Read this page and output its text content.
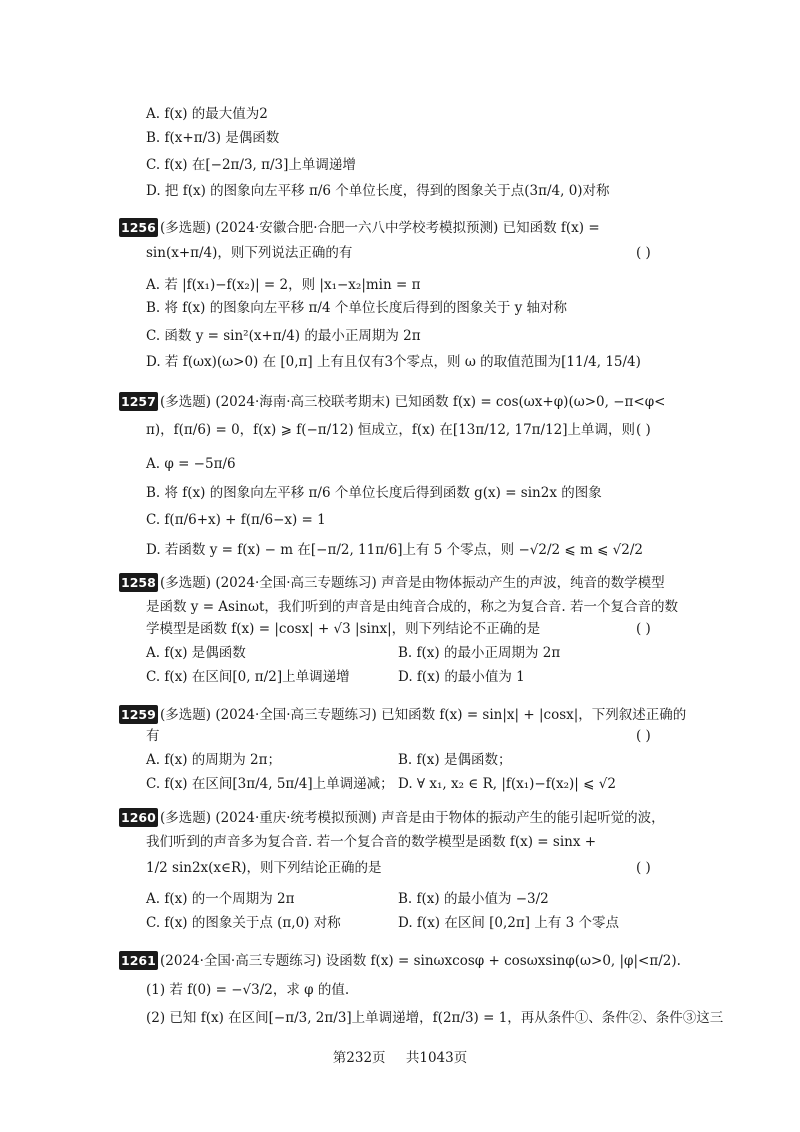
A. f(x) 的最大值为2
B. f(x+π/3) 是偶函数
C. f(x) 在[−2π/3, π/3]上单调递增
D. 把 f(x) 的图象向左平移 π/6 个单位长度，得到的图象关于点(3π/4, 0)对称
1256 (多选题) (2024·安徽合肥·合肥一六八中学校考模拟预测) 已知函数 f(x) =
sin(x+π/4)，则下列说法正确的有	( )
A. 若 |f(x₁)−f(x₂)| = 2，则 |x₁−x₂|min = π
B. 将 f(x) 的图象向左平移 π/4 个单位长度后得到的图象关于 y 轴对称
C. 函数 y = sin²(x+π/4) 的最小正周期为 2π
D. 若 f(ωx)(ω>0) 在 [0,π] 上有且仅有3个零点，则 ω 的取值范围为[11/4, 15/4)
1257 (多选题) (2024·海南·高三校联考期末) 已知函数 f(x) = cos(ωx+φ)(ω>0, −π<φ<
π)，f(π/6) = 0，f(x) ⩾ f(−π/12) 恒成立，f(x) 在[13π/12, 17π/12]上单调，则 ( )
A. φ = −5π/6
B. 将 f(x) 的图象向左平移 π/6 个单位长度后得到函数 g(x) = sin2x 的图象
C. f(π/6+x) + f(π/6−x) = 1
D. 若函数 y = f(x) − m 在[−π/2, 11π/6]上有 5 个零点，则 −√2/2 ⩽ m ⩽ √2/2
1258 (多选题) (2024·全国·高三专题练习) 声音是由物体振动产生的声波，纯音的数学模型
是函数 y = Asinωt，我们听到的声音是由纯音合成的，称之为复合音. 若一个复合音的数
学模型是函数 f(x) = |cosx| + √3 |sinx|，则下列结论不正确的是	( )
A. f(x) 是偶函数	B. f(x) 的最小正周期为 2π
C. f(x) 在区间[0, π/2]上单调递增	D. f(x) 的最小值为 1
1259 (多选题) (2024·全国·高三专题练习) 已知函数 f(x) = sin|x| + |cosx|，下列叙述正确的
有	( )
A. f(x) 的周期为 2π；	B. f(x) 是偶函数；
C. f(x) 在区间[3π/4, 5π/4]上单调递减； D. ∀ x₁, x₂ ∈ R, |f(x₁)−f(x₂)| ⩽ √2
1260 (多选题) (2024·重庆·统考模拟预测) 声音是由于物体的振动产生的能引起听觉的波，
我们听到的声音多为复合音. 若一个复合音的数学模型是函数 f(x) = sinx +
1/2 sin2x(x∈R)，则下列结论正确的是	( )
A. f(x) 的一个周期为 2π	B. f(x) 的最小值为 −3/2
C. f(x) 的图象关于点 (π,0) 对称	D. f(x) 在区间 [0,2π] 上有 3 个零点
1261 (2024·全国·高三专题练习) 设函数 f(x) = sinωxcosφ + cosωxsinφ(ω>0, |φ|<π/2).
(1) 若 f(0) = −√3/2，求 φ 的值.
(2) 已知 f(x) 在区间[−π/3, 2π/3]上单调递增，f(2π/3) = 1，再从条件①、条件②、条件③这三
第232页 共1043页
